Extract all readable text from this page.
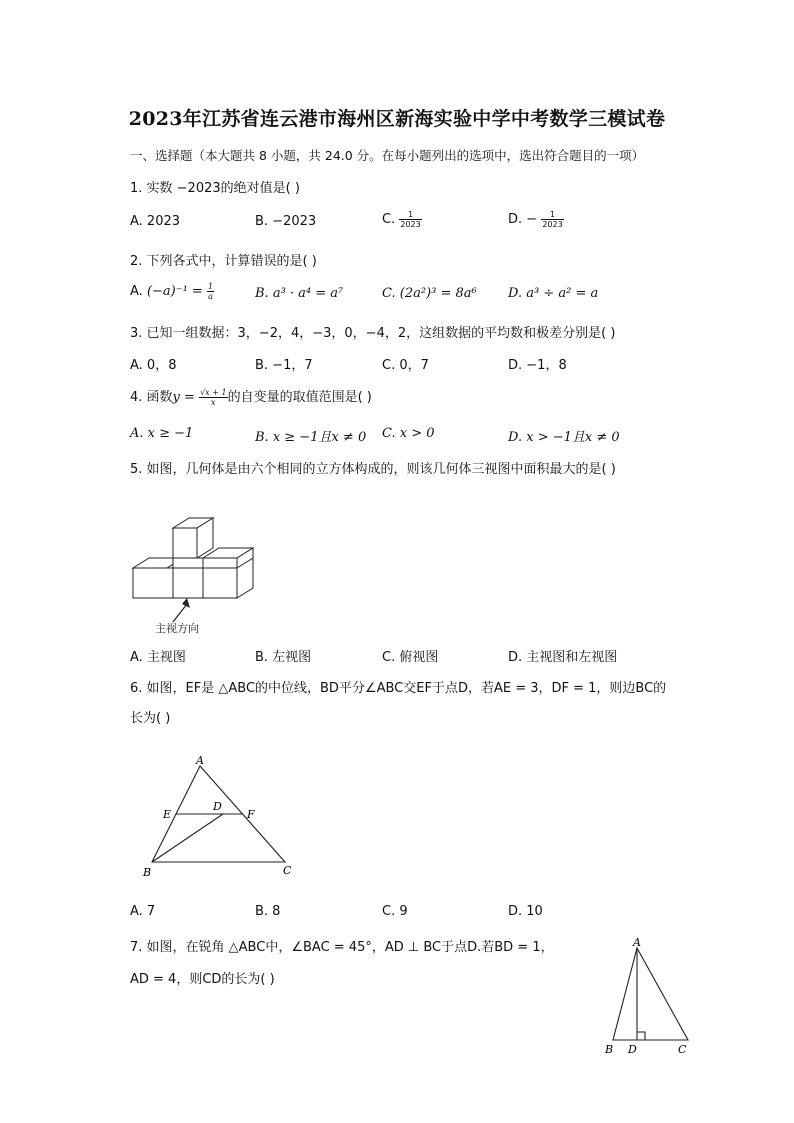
2023年江苏省连云港市海州区新海实验中学中考数学三模试卷
一、选择题（本大题共 8 小题，共 24.0 分。在每小题列出的选项中，选出符合题目的一项）
1. 实数 −2023的绝对值是( )
A. 2023	B. −2023	C. $\frac{1}{2023}$	D. − $\frac{1}{2023}$
2. 下列各式中，计算错误的是( )
A. $(-a)^{-1} = \frac{1}{a}$	B. a³ · a⁴ = a⁷	C. (2a²)³ = 8a⁶ D. a³ ÷ a² = a
3. 已知一组数据：3，−2，4，−3，0，−4，2，这组数据的平均数和极差分别是( )
A. 0，8	B. −1，7	C. 0，7	D. −1，8
4. 函数$y = \frac{√x + 1}{x}$ 的自变量的取值范围是( )
A. x ≥ −1	B. x ≥ −1且x ≠ 0 C. x > 0	D. x > −1且x ≠ 0
5. 如图，几何体是由六个相同的立方体构成的，则该几何体三视图中面积最大的是( )
主视方向
A. 主视图	B. 左视图	C. 俯视图	D. 主视图和左视图
6. 如图，EF是 △ABC的中位线，BD平分∠ABC交EF于点D，若AE = 3，DF = 1，则边BC的
长为( )
A
B	C
D
E	F
A. 7	B. 8	C. 9	D. 10
7. 如图，在锐角 △ABC中，∠BAC = 45°，AD ⊥ BC于点D.若BD = 1，
AD = 4，则CD的长为( )
A
B D	C
